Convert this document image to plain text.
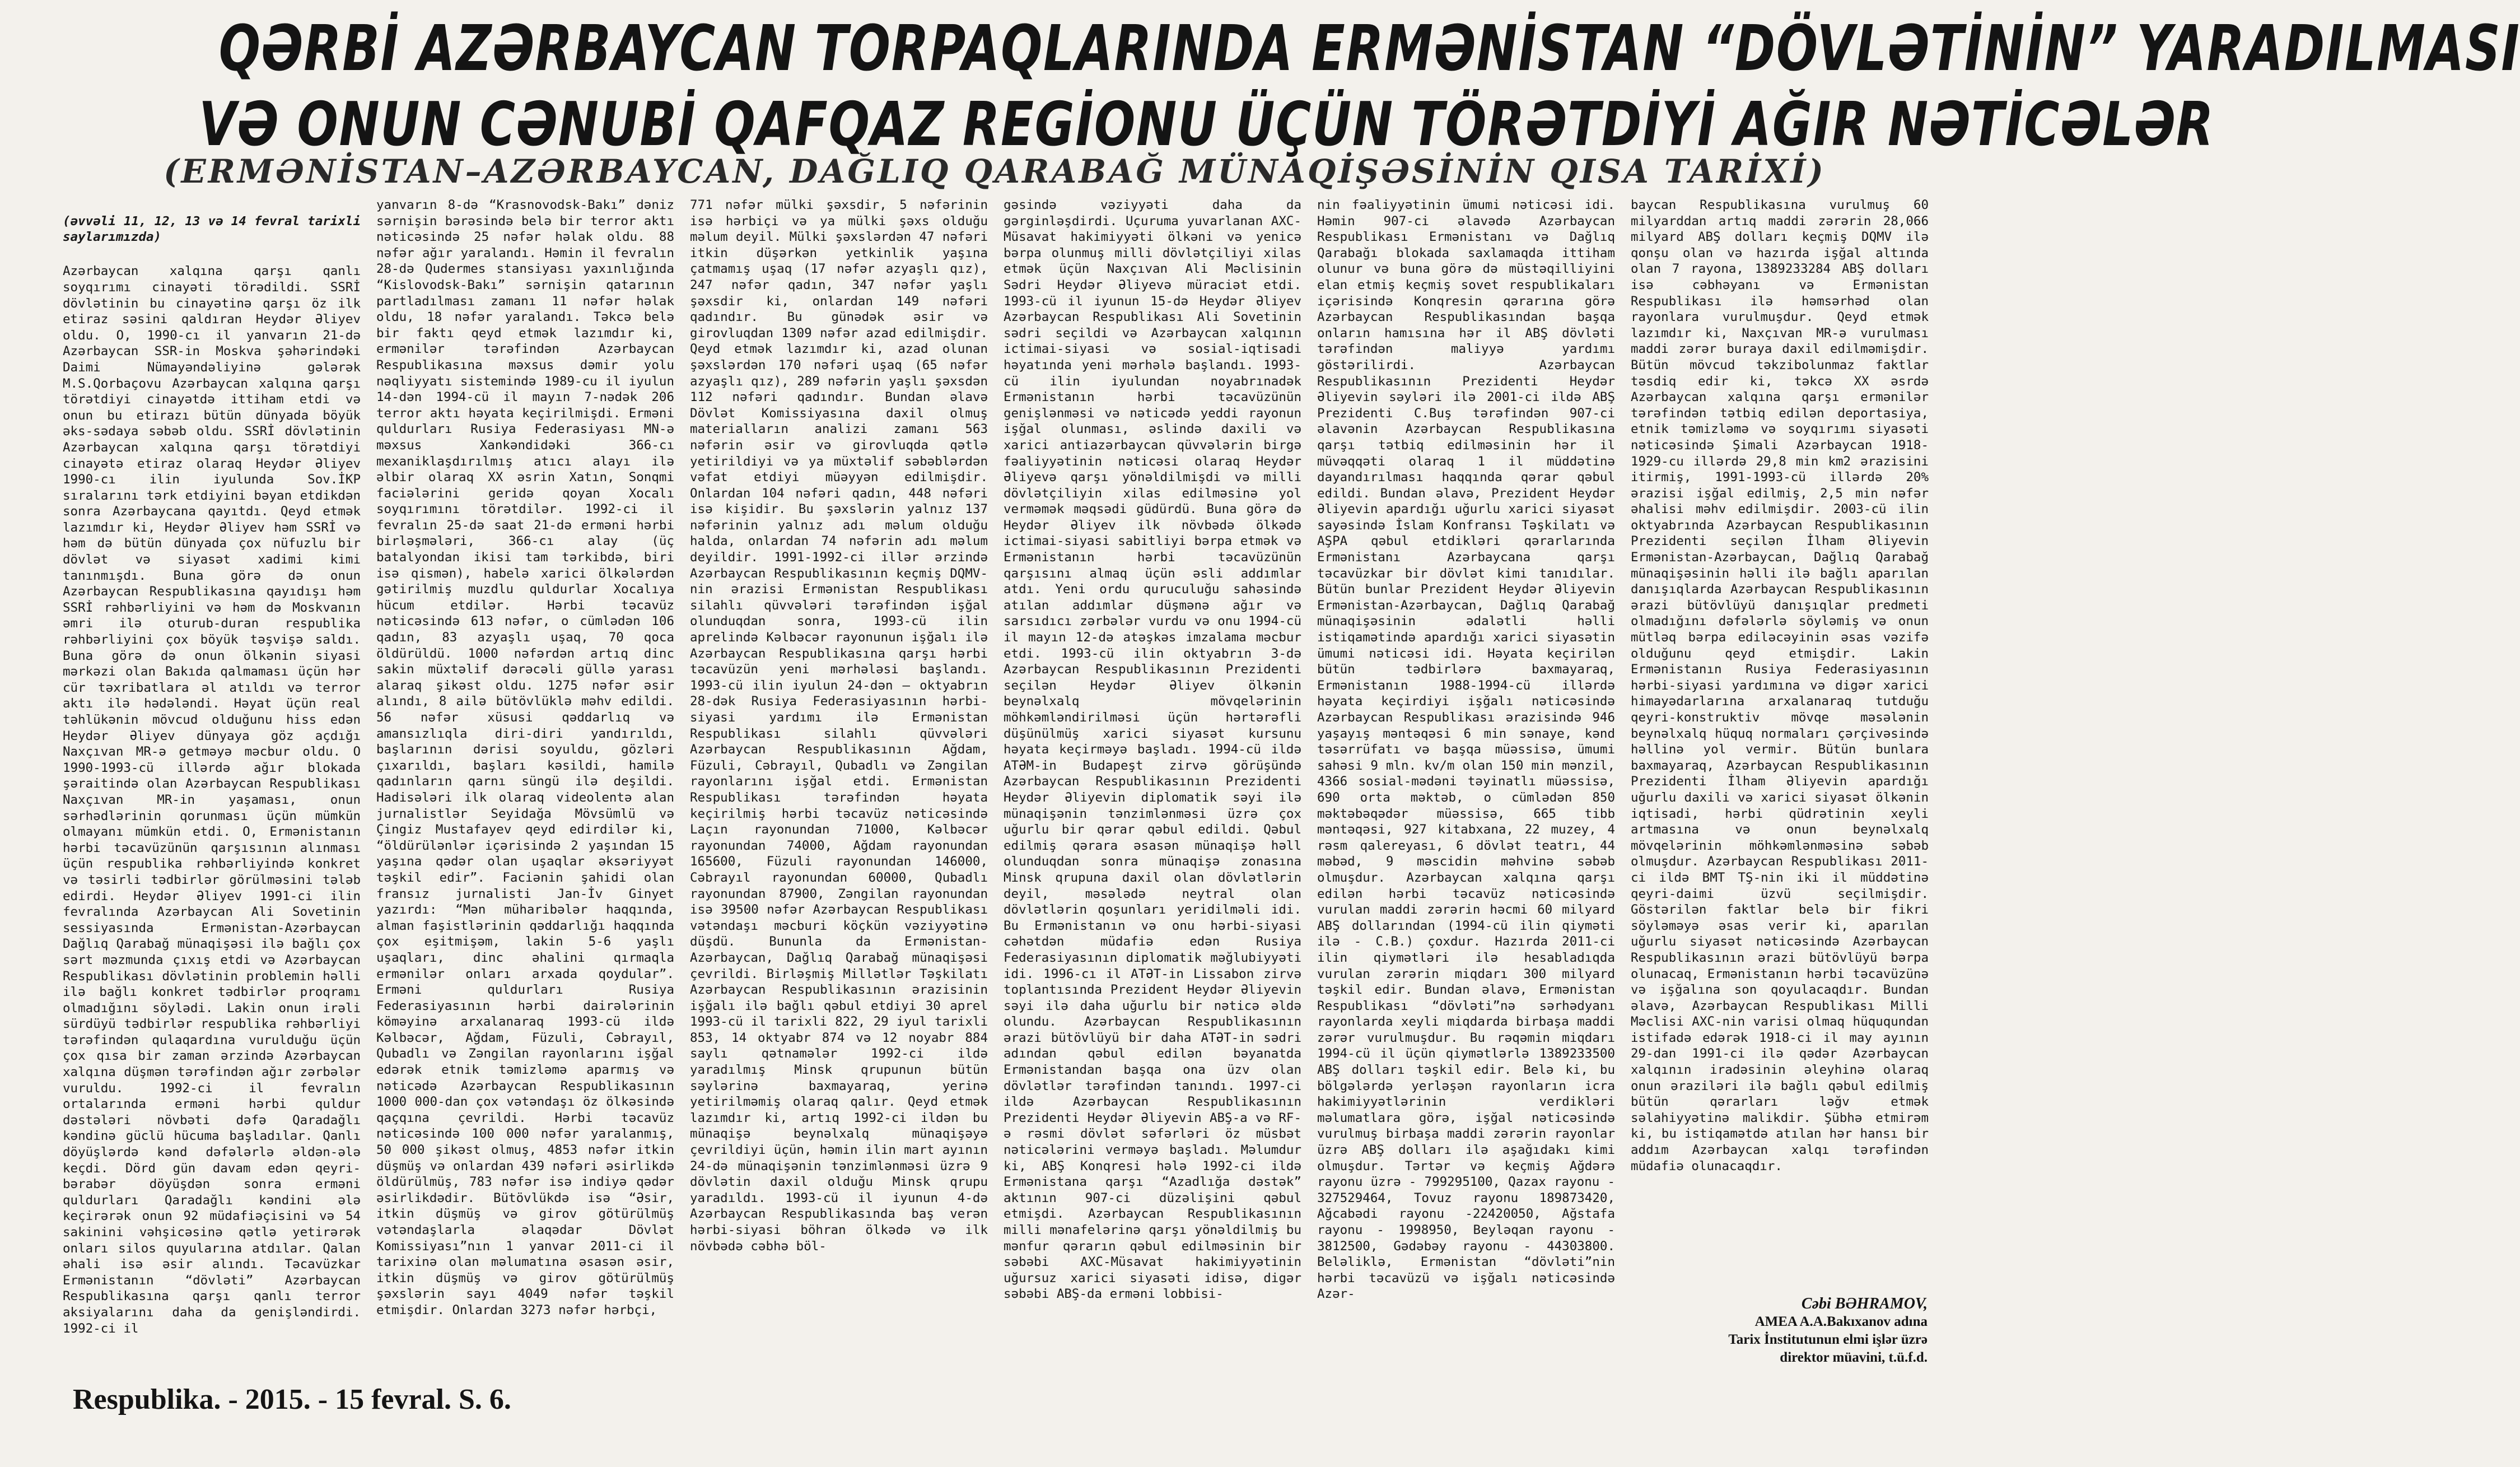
QƏRBİ AZƏRBAYCAN TORPAQLARINDA ERMƏNİSTAN “DÖVLƏTİNİN” YARADILMASI
VƏ ONUN CƏNUBİ QAFQAZ REGİONU ÜÇÜN TÖRƏTDİYİ AĞIR NƏTİCƏLƏR
(ERMƏNİSTAN–AZƏRBAYCAN, DAĞLIQ QARABAĞ MÜNAQİŞƏSİNİN QISA TARİXİ)

(əvvəli 11, 12, 13 və 14 fevral tarixli saylarımızda)

Azərbaycan xalqına qarşı qanlı soyqırımı cinayəti törədildi. SSRİ dövlətinin bu cinayətinə qarşı öz ilk etiraz səsini qaldıran Heydər Əliyev oldu. O, 1990-cı il yanvarın 21-də Azərbaycan SSR-in Moskva şəhərindəki Daimi Nümayəndəliyinə gələrək M.S.Qorbaçovu Azərbaycan xalqına qarşı törətdiyi cinayətdə ittiham etdi və onun bu etirazı bütün dünyada böyük əks-sədaya səbəb oldu. SSRİ dövlətinin Azərbaycan xalqına qarşı törətdiyi cinayətə etiraz olaraq Heydər Əliyev 1990-cı ilin iyulunda Sov.İKP sıralarını tərk etdiyini bəyan etdikdən sonra Azərbaycana qayıtdı. Qeyd etmək lazımdır ki, Heydər Əliyev həm SSRİ və həm də bütün dünyada çox nüfuzlu bir dövlət və siyasət xadimi kimi tanınmışdı. Buna görə də onun Azərbaycan Respublikasına qayıdışı həm SSRİ rəhbərliyini və həm də Moskvanın əmri ilə oturub-duran respublika rəhbərliyini çox böyük təşvişə saldı. Buna görə də onun ölkənin siyasi mərkəzi olan Bakıda qalmaması üçün hər cür təxribatlara əl atıldı və terror aktı ilə hədələndi. Həyat üçün real təhlükənin mövcud olduğunu hiss edən Heydər Əliyev dünyaya göz açdığı Naxçıvan MR-ə getməyə məcbur oldu. O 1990-1993-cü illərdə ağır blokada şəraitində olan Azərbaycan Respublikası Naxçıvan MR-in yaşaması, onun sərhədlərinin qorunması üçün mümkün olmayanı mümkün etdi. O, Ermənistanın hərbi təcavüzünün qarşısının alınması üçün respublika rəhbərliyində konkret və təsirli tədbirlər görülməsini tələb edirdi. Heydər Əliyev 1991-ci ilin fevralında Azərbaycan Ali Sovetinin sessiyasında Ermənistan-Azərbaycan Dağlıq Qarabağ münaqişəsi ilə bağlı çox sərt məzmunda çıxış etdi və Azərbaycan Respublikası dövlətinin problemin həlli ilə bağlı konkret tədbirlər proqramı olmadığını söylədi. Lakin onun irəli sürdüyü tədbirlər respublika rəhbərliyi tərəfindən qulaqardına vurulduğu üçün çox qısa bir zaman ərzində Azərbaycan xalqına düşmən tərəfindən ağır zərbələr vuruldu. 1992-ci il fevralın ortalarında erməni hərbi quldur dəstələri növbəti dəfə Qaradağlı kəndinə güclü hücuma başladılar. Qanlı döyüşlərdə kənd dəfələrlə əldən-ələ keçdi. Dörd gün davam edən qeyri-bərabər döyüşdən sonra erməni quldurları Qaradağlı kəndini ələ keçirərək onun 92 müdafiəçisini və 54 sakinini vəhşicəsinə qətlə yetirərək onları silos quyularına atdılar. Qalan əhali isə əsir alındı. Təcavüzkar Ermənistanın “dövləti” Azərbaycan Respublikasına qarşı qanlı terror aksiyalarını daha da genişləndirdi. 1992-ci il

yanvarın 8-də “Krasnovodsk-Bakı” dəniz sərnişin bərəsində belə bir terror aktı nəticəsində 25 nəfər həlak oldu. 88 nəfər ağır yaralandı. Həmin il fevralın 28-də Qudermes stansiyası yaxınlığında “Kislovodsk-Bakı” sərnişin qatarının partladılması zamanı 11 nəfər həlak oldu, 18 nəfər yaralandı. Təkcə belə bir faktı qeyd etmək lazımdır ki, ermənilər tərəfindən Azərbaycan Respublikasına məxsus dəmir yolu nəqliyyatı sistemində 1989-cu il iyulun 14-dən 1994-cü il mayın 7-nədək 206 terror aktı həyata keçirilmişdi. Erməni quldurları Rusiya Federasiyası MN-ə məxsus Xankəndidəki 366-cı mexaniklaşdırılmış atıcı alayı ilə əlbir olaraq XX əsrin Xatın, Sonqmi faciələrini geridə qoyan Xocalı soyqırımını törətdilər. 1992-ci il fevralın 25-də saat 21-də erməni hərbi birləşmələri, 366-cı alay (üç batalyondan ikisi tam tərkibdə, biri isə qismən), habelə xarici ölkələrdən gətirilmiş muzdlu quldurlar Xocalıya hücum etdilər. Hərbi təcavüz nəticəsində 613 nəfər, o cümlədən 106 qadın, 83 azyaşlı uşaq, 70 qoca öldürüldü. 1000 nəfərdən artıq dinc sakin müxtəlif dərəcəli güllə yarası alaraq şikəst oldu. 1275 nəfər əsir alındı, 8 ailə bütövlüklə məhv edildi. 56 nəfər xüsusi qəddarlıq və amansızlıqla diri-diri yandırıldı, başlarının dərisi soyuldu, gözləri çıxarıldı, başları kəsildi, hamilə qadınların qarnı süngü ilə deşildi. Hadisələri ilk olaraq videolentə alan jurnalistlər Seyidağa Mövsümlü və Çingiz Mustafayev qeyd edirdilər ki, “öldürülənlər içərisində 2 yaşından 15 yaşına qədər olan uşaqlar əksəriyyət təşkil edir”. Faciənin şahidi olan fransız jurnalisti Jan-İv Ginyet yazırdı: “Mən müharibələr haqqında, alman faşistlərinin qəddarlığı haqqında çox eşitmişəm, lakin 5-6 yaşlı uşaqları, dinc əhalini qırmaqla ermənilər onları arxada qoydular”. Erməni quldurları Rusiya Federasiyasının hərbi dairələrinin köməyinə arxalanaraq 1993-cü ildə Kəlbəcər, Ağdam, Füzuli, Cəbrayıl, Qubadlı və Zəngilan rayonlarını işğal edərək etnik təmizləmə aparmış və nəticədə Azərbaycan Respublikasının 1000 000-dan çox vətəndaşı öz ölkəsində qaçqına çevrildi. Hərbi təcavüz nəticəsində 100 000 nəfər yaralanmış, 50 000 şikəst olmuş, 4853 nəfər itkin düşmüş və onlardan 439 nəfəri əsirlikdə öldürülmüş, 783 nəfər isə indiyə qədər əsirlikdədir. Bütövlükdə isə “Əsir, itkin düşmüş və girov götürülmüş vətəndaşlarla əlaqədar Dövlət Komissiyası”nın 1 yanvar 2011-ci il tarixinə olan məlumatına əsasən əsir, itkin düşmüş və girov götürülmüş şəxslərin sayı 4049 nəfər təşkil etmişdir. Onlardan 3273 nəfər hərbçi,
771 nəfər mülki şəxsdir, 5 nəfərinin isə hərbiçi və ya mülki şəxs olduğu məlum deyil. Mülki şəxslərdən 47 nəfəri itkin düşərkən yetkinlik yaşına çatmamış uşaq (17 nəfər azyaşlı qız), 247 nəfər qadın, 347 nəfər yaşlı şəxsdir ki, onlardan 149 nəfəri qadındır. Bu günədək əsir və girovluqdan 1309 nəfər azad edilmişdir. Qeyd etmək lazımdır ki, azad olunan şəxslərdən 170 nəfəri uşaq (65 nəfər azyaşlı qız), 289 nəfərin yaşlı şəxsdən 112 nəfəri qadındır. Bundan əlavə Dövlət Komissiyasına daxil olmuş materialların analizi zamanı 563 nəfərin əsir və girovluqda qətlə yetirildiyi və ya müxtəlif səbəblərdən vəfat etdiyi müəyyən edilmişdir. Onlardan 104 nəfəri qadın, 448 nəfəri isə kişidir. Bu şəxslərin yalnız 137 nəfərinin yalnız adı məlum olduğu halda, onlardan 74 nəfərin adı məlum deyildir. 1991-1992-ci illər ərzində Azərbaycan Respublikasının keçmiş DQMV-nin ərazisi Ermənistan Respublikası silahlı qüvvələri tərəfindən işğal olunduqdan sonra, 1993-cü ilin aprelində Kəlbəcər rayonunun işğalı ilə Azərbaycan Respublikasına qarşı hərbi təcavüzün yeni mərhələsi başlandı. 1993-cü ilin iyulun 24-dən – oktyabrın 28-dək Rusiya Federasiyasının hərbi-siyasi yardımı ilə Ermənistan Respublikası silahlı qüvvələri Azərbaycan Respublikasının Ağdam, Füzuli, Cəbrayıl, Qubadlı və Zəngilan rayonlarını işğal etdi. Ermənistan Respublikası tərəfindən həyata keçirilmiş hərbi təcavüz nəticəsində Laçın rayonundan 71000, Kəlbəcər rayonundan 74000, Ağdam rayonundan 165600, Füzuli rayonundan 146000, Cəbrayıl rayonundan 60000, Qubadlı rayonundan 87900, Zəngilan rayonundan isə 39500 nəfər Azərbaycan Respublikası vətəndaşı məcburi köçkün vəziyyətinə düşdü. Bununla da Ermənistan-Azərbaycan, Dağlıq Qarabağ münaqişəsi çevrildi. Birləşmiş Millətlər Təşkilatı Azərbaycan Respublikasının ərazisinin işğalı ilə bağlı qəbul etdiyi 30 aprel 1993-cü il tarixli 822, 29 iyul tarixli 853, 14 oktyabr 874 və 12 noyabr 884 saylı qətnamələr 1992-ci ildə yaradılmış Minsk qrupunun bütün səylərinə baxmayaraq, yerinə yetirilməmiş olaraq qalır. Qeyd etmək lazımdır ki, artıq 1992-ci ildən bu münaqişə beynəlxalq münaqişəyə çevrildiyi üçün, həmin ilin mart ayının 24-də münaqişənin tənzimlənməsi üzrə 9 dövlətin daxil olduğu Minsk qrupu yaradıldı. 1993-cü il iyunun 4-də Azərbaycan Respublikasında baş verən hərbi-siyasi böhran ölkədə və ilk növbədə cəbhə böl-
gəsində vəziyyəti daha da gərginləşdirdi. Uçuruma yuvarlanan AXC-Müsavat hakimiyyəti ölkəni və yenicə bərpa olunmuş milli dövlətçiliyi xilas etmək üçün Naxçıvan Ali Məclisinin Sədri Heydər Əliyevə müraciət etdi. 1993-cü il iyunun 15-də Heydər Əliyev Azərbaycan Respublikası Ali Sovetinin sədri seçildi və Azərbaycan xalqının ictimai-siyasi və sosial-iqtisadi həyatında yeni mərhələ başlandı. 1993-cü ilin iyulundan noyabrınadək Ermənistanın hərbi təcavüzünün genişlənməsi və nəticədə yeddi rayonun işğal olunması, əslində daxili və xarici antiazərbaycan qüvvələrin birgə fəaliyyətinin nəticəsi olaraq Heydər Əliyevə qarşı yönəldilmişdi və milli dövlətçiliyin xilas edilməsinə yol verməmək məqsədi güdürdü. Buna görə də Heydər Əliyev ilk növbədə ölkədə ictimai-siyasi sabitliyi bərpa etmək və Ermənistanın hərbi təcavüzünün qarşısını almaq üçün əsli addımlar atdı. Yeni ordu quruculuğu sahəsində atılan addımlar düşmənə ağır və sarsıdıcı zərbələr vurdu və onu 1994-cü il mayın 12-də atəşkəs imzalama məcbur etdi. 1993-cü ilin oktyabrın 3-də Azərbaycan Respublikasının Prezidenti seçilən Heydər Əliyev ölkənin beynəlxalq mövqelərinin möhkəmləndirilməsi üçün hərtərəfli düşünülmüş xarici siyasət kursunu həyata keçirməyə başladı. 1994-cü ildə ATƏM-in Budapeşt zirvə görüşündə Azərbaycan Respublikasının Prezidenti Heydər Əliyevin diplomatik səyi ilə münaqişənin tənzimlənməsi üzrə çox uğurlu bir qərar qəbul edildi. Qəbul edilmiş qərara əsasən münaqişə həll olunduqdan sonra münaqişə zonasına Minsk qrupuna daxil olan dövlətlərin deyil, məsələdə neytral olan dövlətlərin qoşunları yeridilməli idi. Bu Ermənistanın və onu hərbi-siyasi cəhətdən müdafiə edən Rusiya Federasiyasının diplomatik məğlubiyyəti idi. 1996-cı il ATƏT-in Lissabon zirvə toplantısında Prezident Heydər Əliyevin səyi ilə daha uğurlu bir nəticə əldə olundu. Azərbaycan Respublikasının ərazi bütövlüyü bir daha ATƏT-in sədri adından qəbul edilən bəyanatda Ermənistandan başqa ona üzv olan dövlətlər tərəfindən tanındı. 1997-ci ildə Azərbaycan Respublikasının Prezidenti Heydər Əliyevin ABŞ-a və RF-ə rəsmi dövlət səfərləri öz müsbət nəticələrini verməyə başladı. Məlumdur ki, ABŞ Konqresi hələ 1992-ci ildə Ermənistana qarşı “Azadlığa dəstək” aktının 907-ci düzəlişini qəbul etmişdi. Azərbaycan Respublikasının milli mənafelərinə qarşı yönəldilmiş bu mənfur qərarın qəbul edilməsinin bir səbəbi AXC-Müsavat hakimiyyətinin uğursuz xarici siyasəti idisə, digər səbəbi ABŞ-da erməni lobbisi-
nin fəaliyyətinin ümumi nəticəsi idi. Həmin 907-ci əlavədə Azərbaycan Respublikası Ermənistanı və Dağlıq Qarabağı blokada saxlamaqda ittiham olunur və buna görə də müstəqilliyini elan etmiş keçmiş sovet respublikaları içərisində Konqresin qərarına görə Azərbaycan Respublikasından başqa onların hamısına hər il ABŞ dövləti tərəfindən maliyyə yardımı göstərilirdi. Azərbaycan Respublikasının Prezidenti Heydər Əliyevin səyləri ilə 2001-ci ildə ABŞ Prezidenti C.Buş tərəfindən 907-ci əlavənin Azərbaycan Respublikasına qarşı tətbiq edilməsinin hər il müvəqqəti olaraq 1 il müddətinə dayandırılması haqqında qərar qəbul edildi. Bundan əlavə, Prezident Heydər Əliyevin apardığı uğurlu xarici siyasət sayəsində İslam Konfransı Təşkilatı və AŞPA qəbul etdikləri qərarlarında Ermənistanı Azərbaycana qarşı təcavüzkar bir dövlət kimi tanıdılar. Bütün bunlar Prezident Heydər Əliyevin Ermənistan-Azərbaycan, Dağlıq Qarabağ münaqişəsinin ədalətli həlli istiqamətində apardığı xarici siyasətin ümumi nəticəsi idi. Həyata keçirilən bütün tədbirlərə baxmayaraq, Ermənistanın 1988-1994-cü illərdə həyata keçirdiyi işğalı nəticəsində Azərbaycan Respublikası ərazisində 946 yaşayış məntəqəsi 6 min sənaye, kənd təsərrüfatı və başqa müəssisə, ümumi sahəsi 9 mln. kv/m olan 150 min mənzil, 4366 sosial-mədəni təyinatlı müəssisə, 690 orta məktəb, o cümlədən 850 məktəbəqədər müəssisə, 665 tibb məntəqəsi, 927 kitabxana, 22 muzey, 4 rəsm qalereyası, 6 dövlət teatrı, 44 məbəd, 9 məscidin məhvinə səbəb olmuşdur. Azərbaycan xalqına qarşı edilən hərbi təcavüz nəticəsində vurulan maddi zərərin həcmi 60 milyard ABŞ dollarından (1994-cü ilin qiyməti ilə - C.B.) çoxdur. Hazırda 2011-ci ilin qiymətləri ilə hesabladıqda vurulan zərərin miqdarı 300 milyard təşkil edir. Bundan əlavə, Ermənistan Respublikası “dövləti”nə sərhədyanı rayonlarda xeyli miqdarda birbaşa maddi zərər vurulmuşdur. Bu rəqəmin miqdarı 1994-cü il üçün qiymətlərlə 1389233500 ABŞ dolları təşkil edir. Belə ki, bu bölgələrdə yerləşən rayonların icra hakimiyyətlərinin verdikləri məlumatlara görə, işğal nəticəsində vurulmuş birbaşa maddi zərərin rayonlar üzrə ABŞ dolları ilə aşağıdakı kimi olmuşdur. Tərtər və keçmiş Ağdərə rayonu üzrə - 799295100, Qazax rayonu - 327529464, Tovuz rayonu 189873420, Ağcabədi rayonu -22420050, Ağstafa rayonu - 1998950, Beyləqan rayonu - 3812500, Gədəbəy rayonu - 44303800. Beləliklə, Ermənistan “dövləti”nin hərbi təcavüzü və işğalı nəticəsində Azər-
baycan Respublikasına vurulmuş 60 milyarddan artıq maddi zərərin 28,066 milyard ABŞ dolları keçmiş DQMV ilə qonşu olan və hazırda işğal altında olan 7 rayona, 1389233284 ABŞ dolları isə cəbhəyanı və Ermənistan Respublikası ilə həmsərhəd olan rayonlara vurulmuşdur. Qeyd etmək lazımdır ki, Naxçıvan MR-ə vurulması maddi zərər buraya daxil edilməmişdir. Bütün mövcud təkzibolunmaz faktlar təsdiq edir ki, təkcə XX əsrdə Azərbaycan xalqına qarşı ermənilər tərəfindən tətbiq edilən deportasiya, etnik təmizləmə və soyqırımı siyasəti nəticəsində Şimali Azərbaycan 1918-1929-cu illərdə 29,8 min km2 ərazisini itirmiş, 1991-1993-cü illərdə 20% ərazisi işğal edilmiş, 2,5 min nəfər əhalisi məhv edilmişdir. 2003-cü ilin oktyabrında Azərbaycan Respublikasının Prezidenti seçilən İlham Əliyevin Ermənistan-Azərbaycan, Dağlıq Qarabağ münaqişəsinin həlli ilə bağlı aparılan danışıqlarda Azərbaycan Respublikasının ərazi bütövlüyü danışıqlar predmeti olmadığını dəfələrlə söyləmiş və onun mütləq bərpa ediləcəyinin əsas vəzifə olduğunu qeyd etmişdir. Lakin Ermənistanın Rusiya Federasiyasının hərbi-siyasi yardımına və digər xarici himayədarlarına arxalanaraq tutduğu qeyri-konstruktiv mövqe məsələnin beynəlxalq hüquq normaları çərçivəsində həllinə yol vermir. Bütün bunlara baxmayaraq, Azərbaycan Respublikasının Prezidenti İlham Əliyevin apardığı uğurlu daxili və xarici siyasət ölkənin iqtisadi, hərbi qüdrətinin xeyli artmasına və onun beynəlxalq mövqelərinin möhkəmlənməsinə səbəb olmuşdur. Azərbaycan Respublikası 2011-ci ildə BMT TŞ-nin iki il müddətinə qeyri-daimi üzvü seçilmişdir. Göstərilən faktlar belə bir fikri söyləməyə əsas verir ki, aparılan uğurlu siyasət nəticəsində Azərbaycan Respublikasının ərazi bütövlüyü bərpa olunacaq, Ermənistanın hərbi təcavüzünə və işğalına son qoyulacaqdır. Bundan əlavə, Azərbaycan Respublikası Milli Məclisi AXC-nin varisi olmaq hüququndan istifadə edərək 1918-ci il may ayının 29-dan 1991-ci ilə qədər Azərbaycan xalqının iradəsinin əleyhinə olaraq onun əraziləri ilə bağlı qəbul edilmiş bütün qərarları ləğv etmək səlahiyyətinə malikdir. Şübhə etmirəm ki, bu istiqamətdə atılan hər hansı bir addım Azərbaycan xalqı tərəfindən müdafiə olunacaqdır.
Cəbi BƏHRAMOV,
AMEA A.A.Bakıxanov adına
Tarix İnstitutunun elmi işlər üzrə
direktor müavini, t.ü.f.d.
Respublika. - 2015. - 15 fevral. S. 6.
